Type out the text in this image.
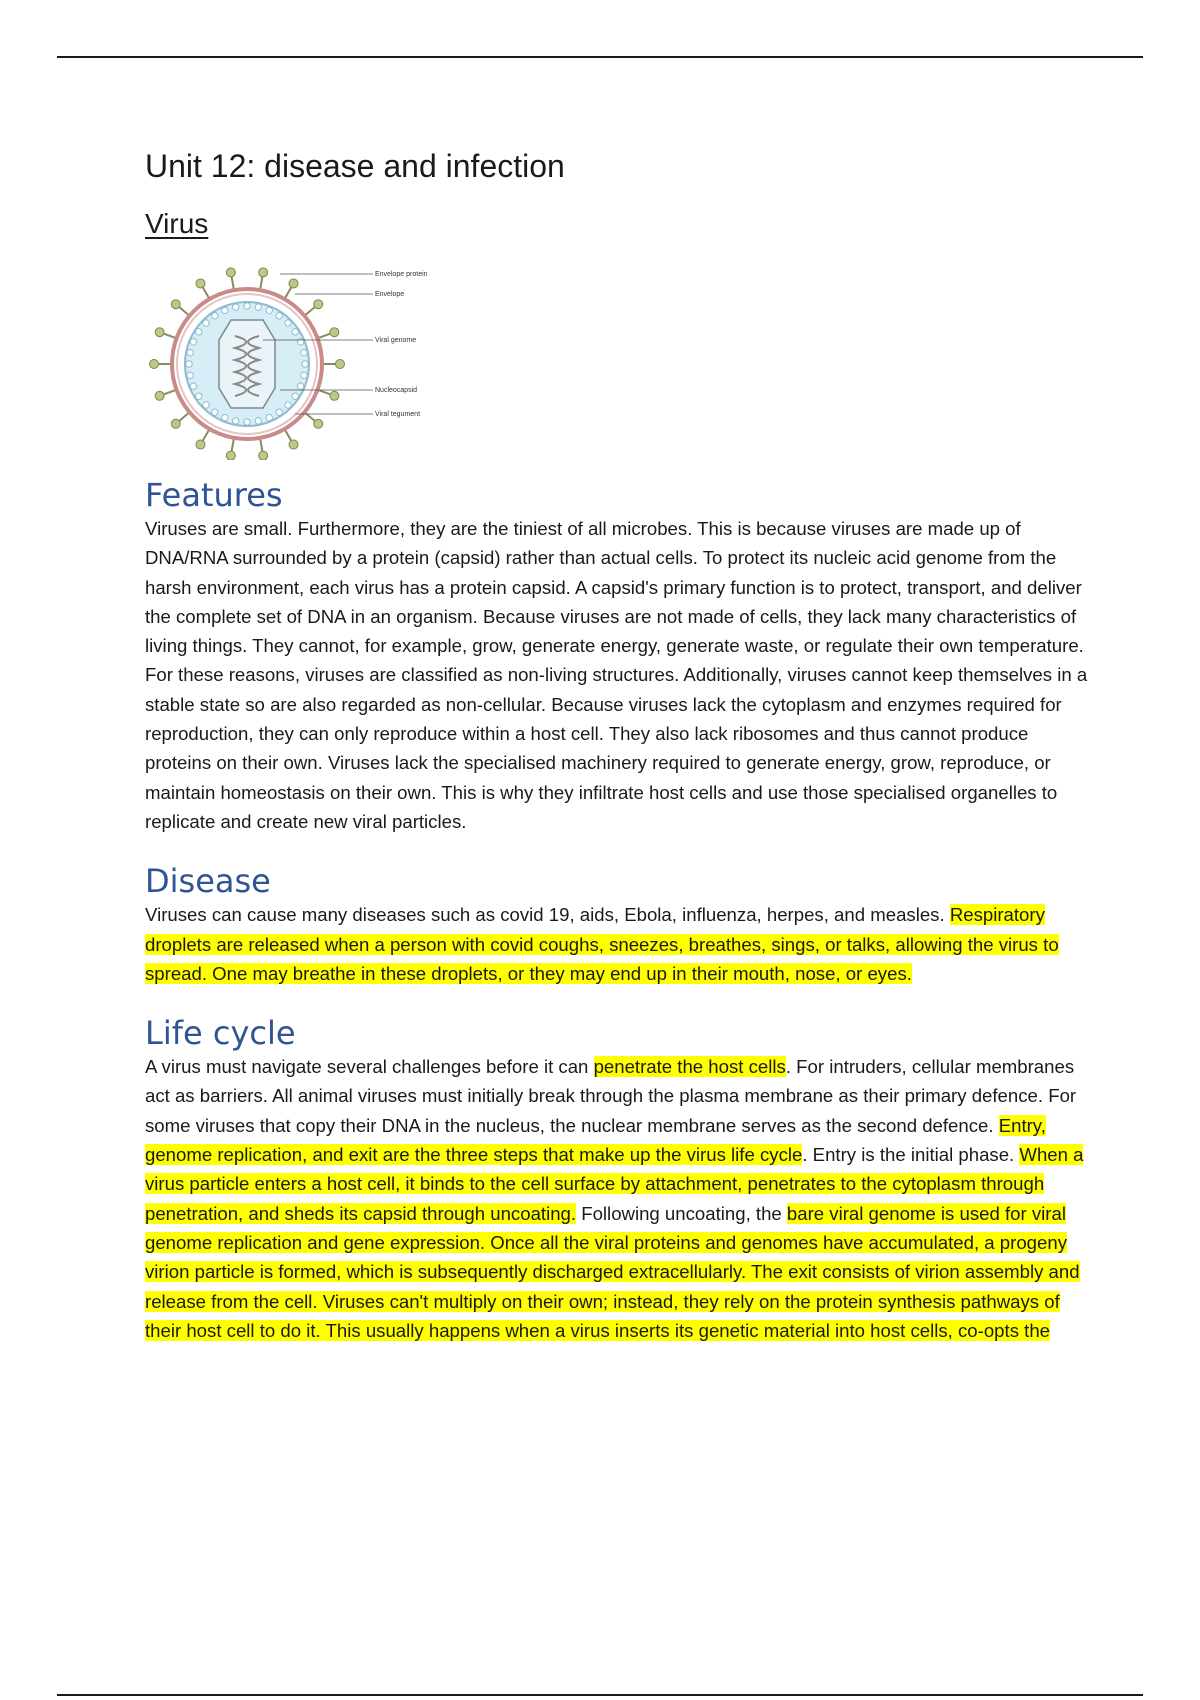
Unit 12: disease and infection
Virus
Envelope protein
Envelope
Viral genome
Nucleocapsid
Viral tegument
Features

Viruses are small. Furthermore, they are the tiniest of all microbes. This is because viruses are made up of DNA/RNA surrounded by a protein (capsid) rather than actual cells. To protect its nucleic acid genome from the harsh environment, each virus has a protein capsid. A capsid's primary function is to protect, transport, and deliver the complete set of DNA in an organism. Because viruses are not made of cells, they lack many characteristics of living things. They cannot, for example, grow, generate energy, generate waste, or regulate their own temperature. For these reasons, viruses are classified as non-living structures. Additionally, viruses cannot keep themselves in a stable state so are also regarded as non-cellular. Because viruses lack the cytoplasm and enzymes required for reproduction, they can only reproduce within a host cell. They also lack ribosomes and thus cannot produce proteins on their own. Viruses lack the specialised machinery required to generate energy, grow, reproduce, or maintain homeostasis on their own. This is why they infiltrate host cells and use those specialised organelles to replicate and create new viral particles.

Disease

Viruses can cause many diseases such as covid 19, aids, Ebola, influenza, herpes, and measles. Respiratory droplets are released when a person with covid coughs, sneezes, breathes, sings, or talks, allowing the virus to spread. One may breathe in these droplets, or they may end up in their mouth, nose, or eyes.

Life cycle

A virus must navigate several challenges before it can penetrate the host cells. For intruders, cellular membranes act as barriers. All animal viruses must initially break through the plasma membrane as their primary defence. For some viruses that copy their DNA in the nucleus, the nuclear membrane serves as the second defence. Entry, genome replication, and exit are the three steps that make up the virus life cycle. Entry is the initial phase. When a virus particle enters a host cell, it binds to the cell surface by attachment, penetrates to the cytoplasm through penetration, and sheds its capsid through uncoating. Following uncoating, the bare viral genome is used for viral genome replication and gene expression. Once all the viral proteins and genomes have accumulated, a progeny virion particle is formed, which is subsequently discharged extracellularly. The exit consists of virion assembly and release from the cell. Viruses can't multiply on their own; instead, they rely on the protein synthesis pathways of their host cell to do it. This usually happens when a virus inserts its genetic material into host cells, co-opts the
